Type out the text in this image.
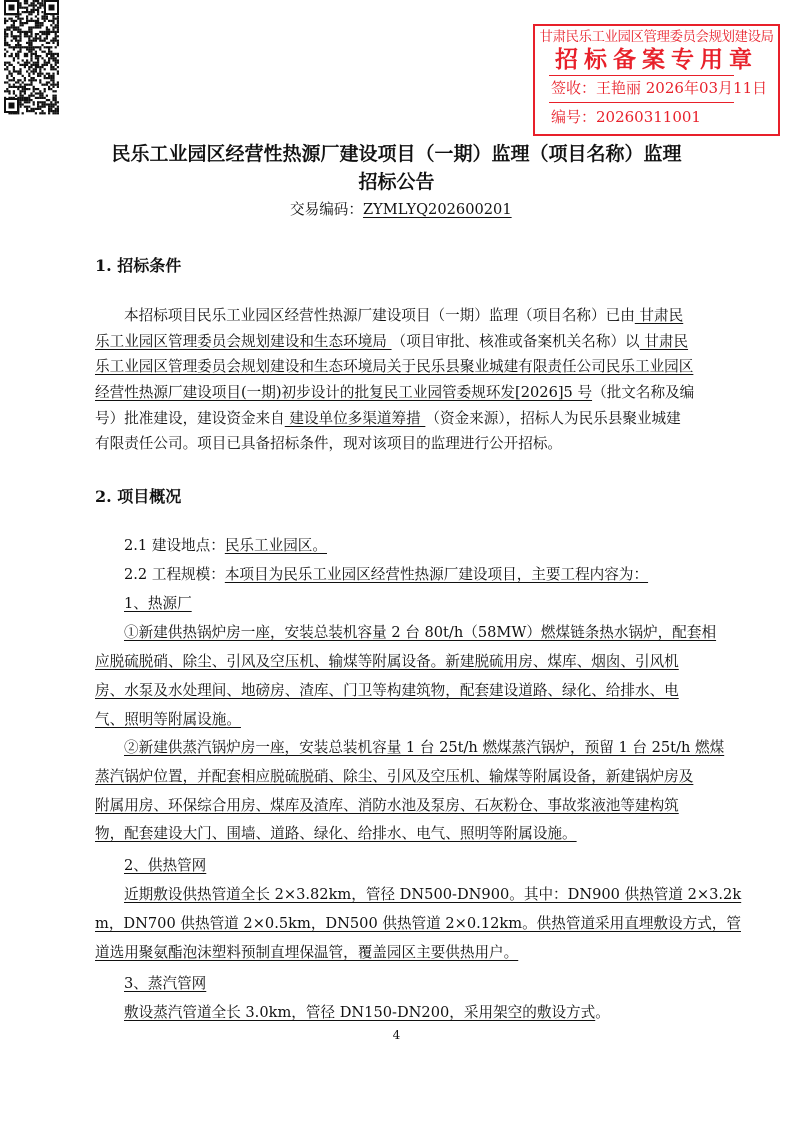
甘肃民乐工业园区管理委员会规划建设局
招标备案专用章
签收：王艳丽 2026年03月11日
编号：20260311001
民乐工业园区经营性热源厂建设项目（一期）监理（项目名称）监理
招标公告
交易编码：ZYMLYQ202600201
1. 招标条件
本招标项目民乐工业园区经营性热源厂建设项目（一期）监理（项目名称）已由 甘肃民
乐工业园区管理委员会规划建设和生态环境局 （项目审批、核准或备案机关名称）以 甘肃民
乐工业园区管理委员会规划建设和生态环境局关于民乐县聚业城建有限责任公司民乐工业园区
经营性热源厂建设项目(一期)初步设计的批复民工业园管委规环发[2026]5 号（批文名称及编
号）批准建设，建设资金来自 建设单位多渠道筹措 （资金来源），招标人为民乐县聚业城建
有限责任公司。项目已具备招标条件，现对该项目的监理进行公开招标。
2. 项目概况
2.1 建设地点：民乐工业园区。
2.2 工程规模：本项目为民乐工业园区经营性热源厂建设项目，主要工程内容为：
1、热源厂
①新建供热锅炉房一座，安装总装机容量 2 台 80t/h（58MW）燃煤链条热水锅炉，配套相
应脱硫脱硝、除尘、引风及空压机、输煤等附属设备。新建脱硫用房、煤库、烟囱、引风机
房、水泵及水处理间、地磅房、渣库、门卫等构建筑物，配套建设道路、绿化、给排水、电
气、照明等附属设施。
②新建供蒸汽锅炉房一座，安装总装机容量 1 台 25t/h 燃煤蒸汽锅炉，预留 1 台 25t/h 燃煤
蒸汽锅炉位置，并配套相应脱硫脱硝、除尘、引风及空压机、输煤等附属设备，新建锅炉房及
附属用房、环保综合用房、煤库及渣库、消防水池及泵房、石灰粉仓、事故浆液池等建构筑
物，配套建设大门、围墙、道路、绿化、给排水、电气、照明等附属设施。
2、供热管网
近期敷设供热管道全长 2×3.82km，管径 DN500-DN900。其中：DN900 供热管道 2×3.2k
m，DN700 供热管道 2×0.5km，DN500 供热管道 2×0.12km。供热管道采用直埋敷设方式，管
道选用聚氨酯泡沫塑料预制直埋保温管，覆盖园区主要供热用户。
3、蒸汽管网
敷设蒸汽管道全长 3.0km，管径 DN150-DN200，采用架空的敷设方式。
4
